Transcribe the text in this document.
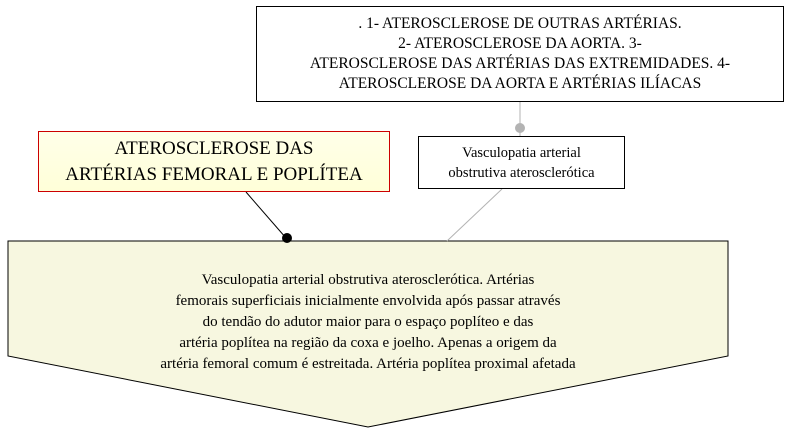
. 1- ATEROSCLEROSE DE OUTRAS ARTÉRIAS.
2- ATEROSCLEROSE DA AORTA. 3-
ATEROSCLEROSE DAS ARTÉRIAS DAS EXTREMIDADES. 4-
ATEROSCLEROSE DA AORTA E ARTÉRIAS ILÍACAS
ATEROSCLEROSE DAS
ARTÉRIAS FEMORAL E POPLÍTEA
Vasculopatia arterial
obstrutiva aterosclerótica
Vasculopatia arterial obstrutiva aterosclerótica. Artérias
femorais superficiais inicialmente envolvida após passar através
do tendão do adutor maior para o espaço poplíteo e das
artéria poplítea na região da coxa e joelho. Apenas a origem da
artéria femoral comum é estreitada. Artéria poplítea proximal afetada
